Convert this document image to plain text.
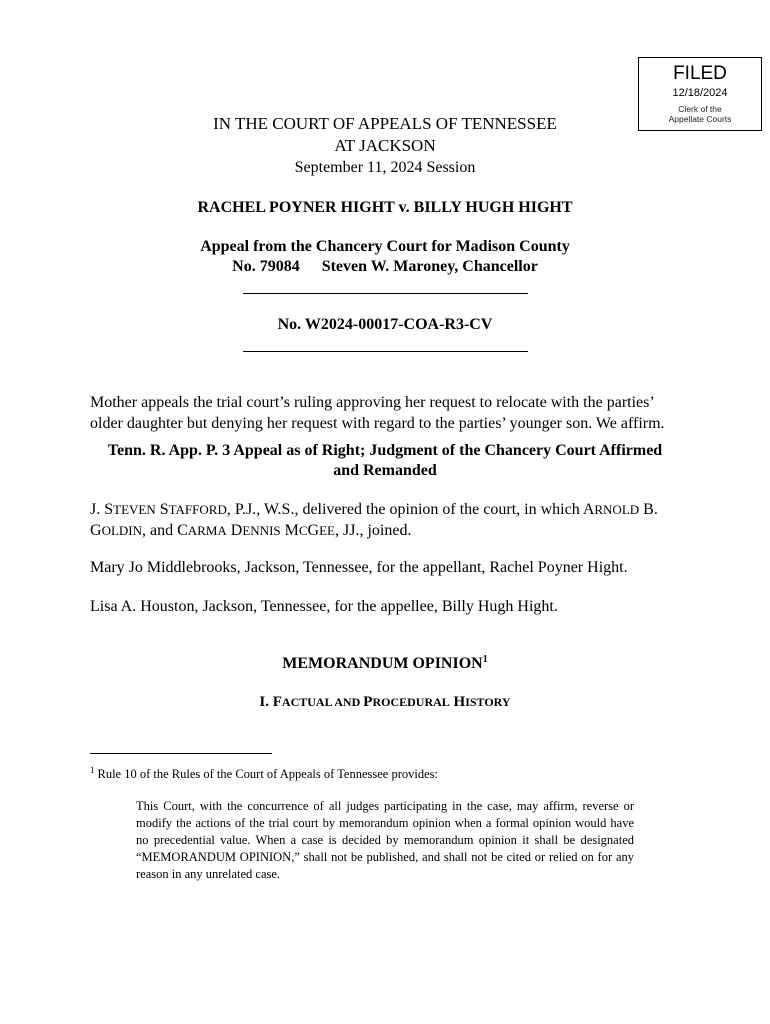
FILED
12/18/2024
Clerk of the
Appellate Courts
IN THE COURT OF APPEALS OF TENNESSEE
AT JACKSON
September 11, 2024 Session
RACHEL POYNER HIGHT v. BILLY HUGH HIGHT
Appeal from the Chancery Court for Madison County
No. 79084 Steven W. Maroney, Chancellor
No. W2024-00017-COA-R3-CV
Mother appeals the trial court’s ruling approving her request to relocate with the parties’ older daughter but denying her request with regard to the parties’ younger son. We affirm.
Tenn. R. App. P. 3 Appeal as of Right; Judgment of the Chancery Court Affirmed
and Remanded
J. STEVEN STAFFORD, P.J., W.S., delivered the opinion of the court, in which ARNOLD B.
GOLDIN, and CARMA DENNIS MCGEE, JJ., joined.
Mary Jo Middlebrooks, Jackson, Tennessee, for the appellant, Rachel Poyner Hight.
Lisa A. Houston, Jackson, Tennessee, for the appellee, Billy Hugh Hight.
MEMORANDUM OPINION$^1$
I. FACTUAL AND PROCEDURAL HISTORY
$^1$ Rule 10 of the Rules of the Court of Appeals of Tennessee provides:
This Court, with the concurrence of all judges participating in the case, may affirm, reverse or modify the actions of the trial court by memorandum opinion when a formal opinion would have no precedential value. When a case is decided by memorandum opinion it shall be designated “MEMORANDUM OPINION,” shall not be published, and shall not be cited or relied on for any reason in any unrelated case.
